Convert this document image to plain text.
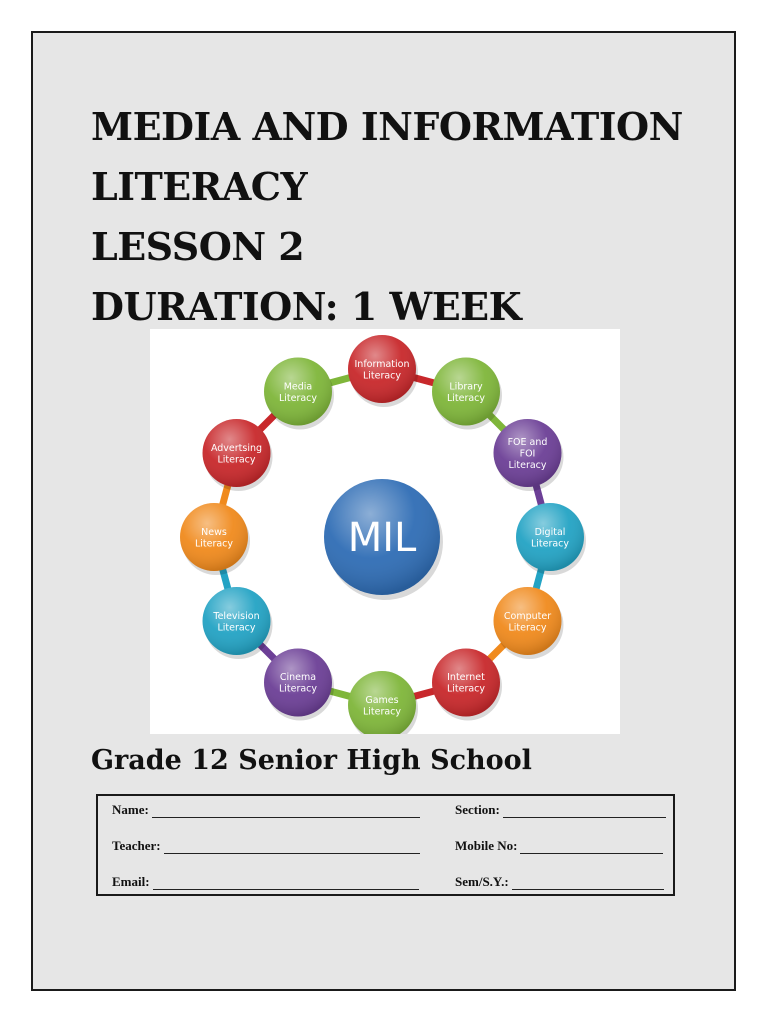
MEDIA AND INFORMATION
LITERACY
LESSON 2
DURATION: 1 WEEK
Information
Literacy
Library
Literacy
FOE and
FOI
Literacy
Digital
Literacy
Computer
Literacy
Internet
Literacy
Games
Literacy
Cinema
Literacy
Television
Literacy
News
Literacy
Advertsing
Literacy
Media
Literacy
MIL
Grade 12 Senior High School
Name:	Section:
Teacher:	Mobile No:
Email:	Sem/S.Y.:
